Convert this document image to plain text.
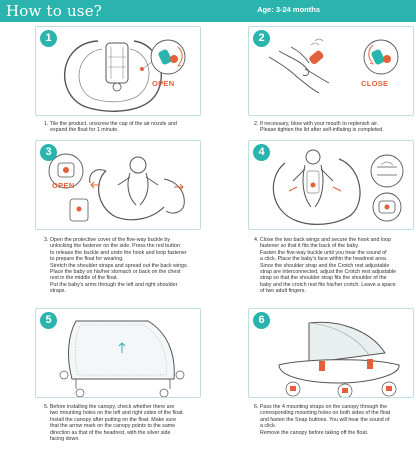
How to use?	Age: 3-24 months
1
OPEN

1. Tile the product, unscrew the cap of the air nozzle and

expand the float for 1 minute.

2
CLOSE

2. If necessary, blow with your mouth to replenish air.

Please tighten the lid after self-inflating is completed.

3
OPEN

3. Open the protective cover of the five-way buckle by

unlocking the fastener on the side. Press the red button

to release the buckle and undo the hook and loop fastener

to prepare the float for wearing.

Stretch the shoulder straps and spread out the back wings.

Place the baby on his/her stomach or back on the chest

rest in the middle of the float.

Put the baby's arms through the left and right shoulder

straps.

4

4. Close the two back wings and secure the hook and loop

fastener so that it fits the back of the baby.

Fasten the five-way buckle until you hear the sound of

a click. Place the baby's face within the headrest area.

Since the shoulder strap and the Crotch rest adjustable

strap are interconnected, adjust the Crotch rest adjustable

strap so that the shoulder strap fits the shoulder of the

baby and the crotch rest fits his/her crotch. Leave a space

of two adult fingers.

5

5. Before installing the canopy, check whether there are

two mounting holes on the left and right sides of the float.

Install the canopy after putting on the float. Make sure

that the arrow mark on the canopy points to the same

direction as that of the headrest, with the silver side

facing down.

6

6. Pass the 4 mounting straps on the canopy through the

corresponding mounting holes on both sides of the float

and fasten the Snap buttons. You will hear the sound of

a click.

Remove the canopy before taking off the float.
